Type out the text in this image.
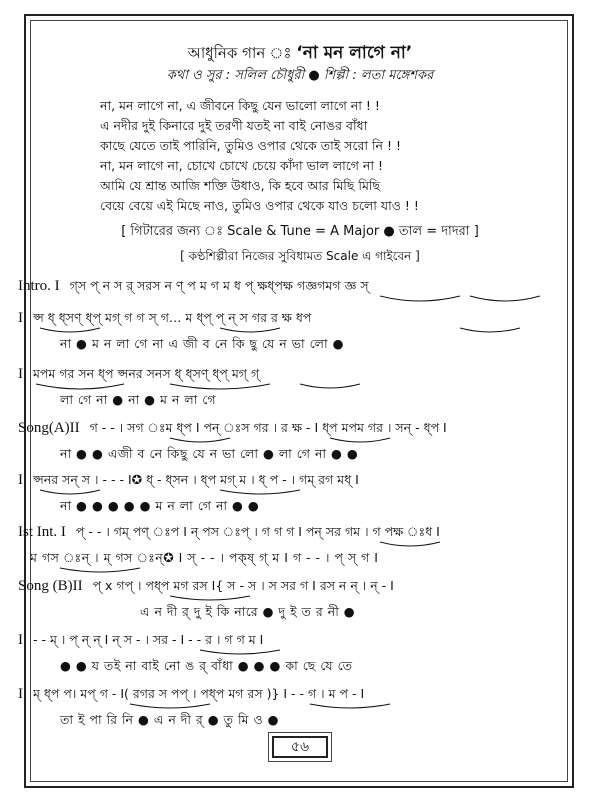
আধুনিক গান ঃ ‘না মন লাগে না’
কথা ও সুর : সলিল চৌধুরী ● শিল্পী : লতা মঙ্গেশকর
না, মন লাগে না, এ জীবনে কিছু যেন ভালো লাগে না ! !
এ নদীর দুই কিনারে দুই তরণী যতই না বাই নোঙর বাঁধা
কাছে যেতে তাই পারিনি, তুমিও ওপার থেকে তাই সরো নি ! !
না, মন লাগে না, চোখে চোখে চেয়ে কাঁদা ভাল লাগে না !
আমি যে শ্রান্ত আজি শক্তি উধাও, কি হবে আর মিছি মিছি
বেয়ে বেয়ে এই মিছে নাও, তুমিও ওপার থেকে যাও চলো যাও ! !
[ গিটারের জন্য ঃ Scale & Tune = A Major ● তাল = দাদরা ]
[ কণ্ঠশিল্পীরা নিজের সুবিধামত Scale এ গাইবেন ]
Intro. I গ্স প্ ন স র্ সরস ন ণ্ প ম গ ম ধ প্ ক্ষধ্পক্ষ গজ্ঞগমগ জ্ঞ স্
I প্স ধ্ ধ্সণ্ ধ্প্ মগ্ গ গ স্ গ… ম ধ্প্ প্ ন্ স গর র ক্ষ ধপ
না ● ম ন লা গে না এ জী ব নে কি ছু যে ন ভা লো ●
I মপম গর সন ধ্প প্সনর সনস ধ্ ধ্সণ্ ধ্প্ মগ্ গ্
লা গে না ● না ● ম ন লা গে
Song(A)II গ - - । সগ ঃম ধ্প I পন্ ঃস গর । র ক্ষ - I ধ্প মপম গর । সন্ - ধ্প I
না ● ● এজী ব নে কিছু যে ন ভা লো ● লা গে না ● ●
I প্সনর সন্ স । - - - I✪ ধ্ - ধ্সন । ধ্প মগ্ ম । ধ্ প - । গম্ রগ মধ্ I
না ● ● ● ● ● ম ন লা গে না ● ●
Ist Int. I প্ - - । গম্ পণ্ ঃপ I ন্ পস ঃপ্ । গ গ গ I পন্ সর গম । গ পক্ষ ঃধ I
ম গস ঃন্ । ম্ গস ঃন্✪ I স্ - - । পক্ষ্ গ্ ম I গ - - । প্ স্ গ I
Song (B)II প্ x গপ্ । পধ্প মগ রস I{ স - স । স সর গ I রস ন ন্ । ন্ - I
এ ন দী র্ দু ই কি নারে ● দু ই ত র নী ●
I - - ম্ । প্ ন্ ন্ I ন্ স - । সর - I - - র । গ গ ম I
● ● য তই না বাই নো ঙ র্ বাঁধা ● ● ● কা ছে যে তে
I ম্ ধ্প প। মপ্ গ - I( রগর স পপ্ । পধ্প মগ রস )} I - - গ । ম প - I
তা ই পা রি নি ● এ ন দী র্ ● তু মি ও ●
৫৬
